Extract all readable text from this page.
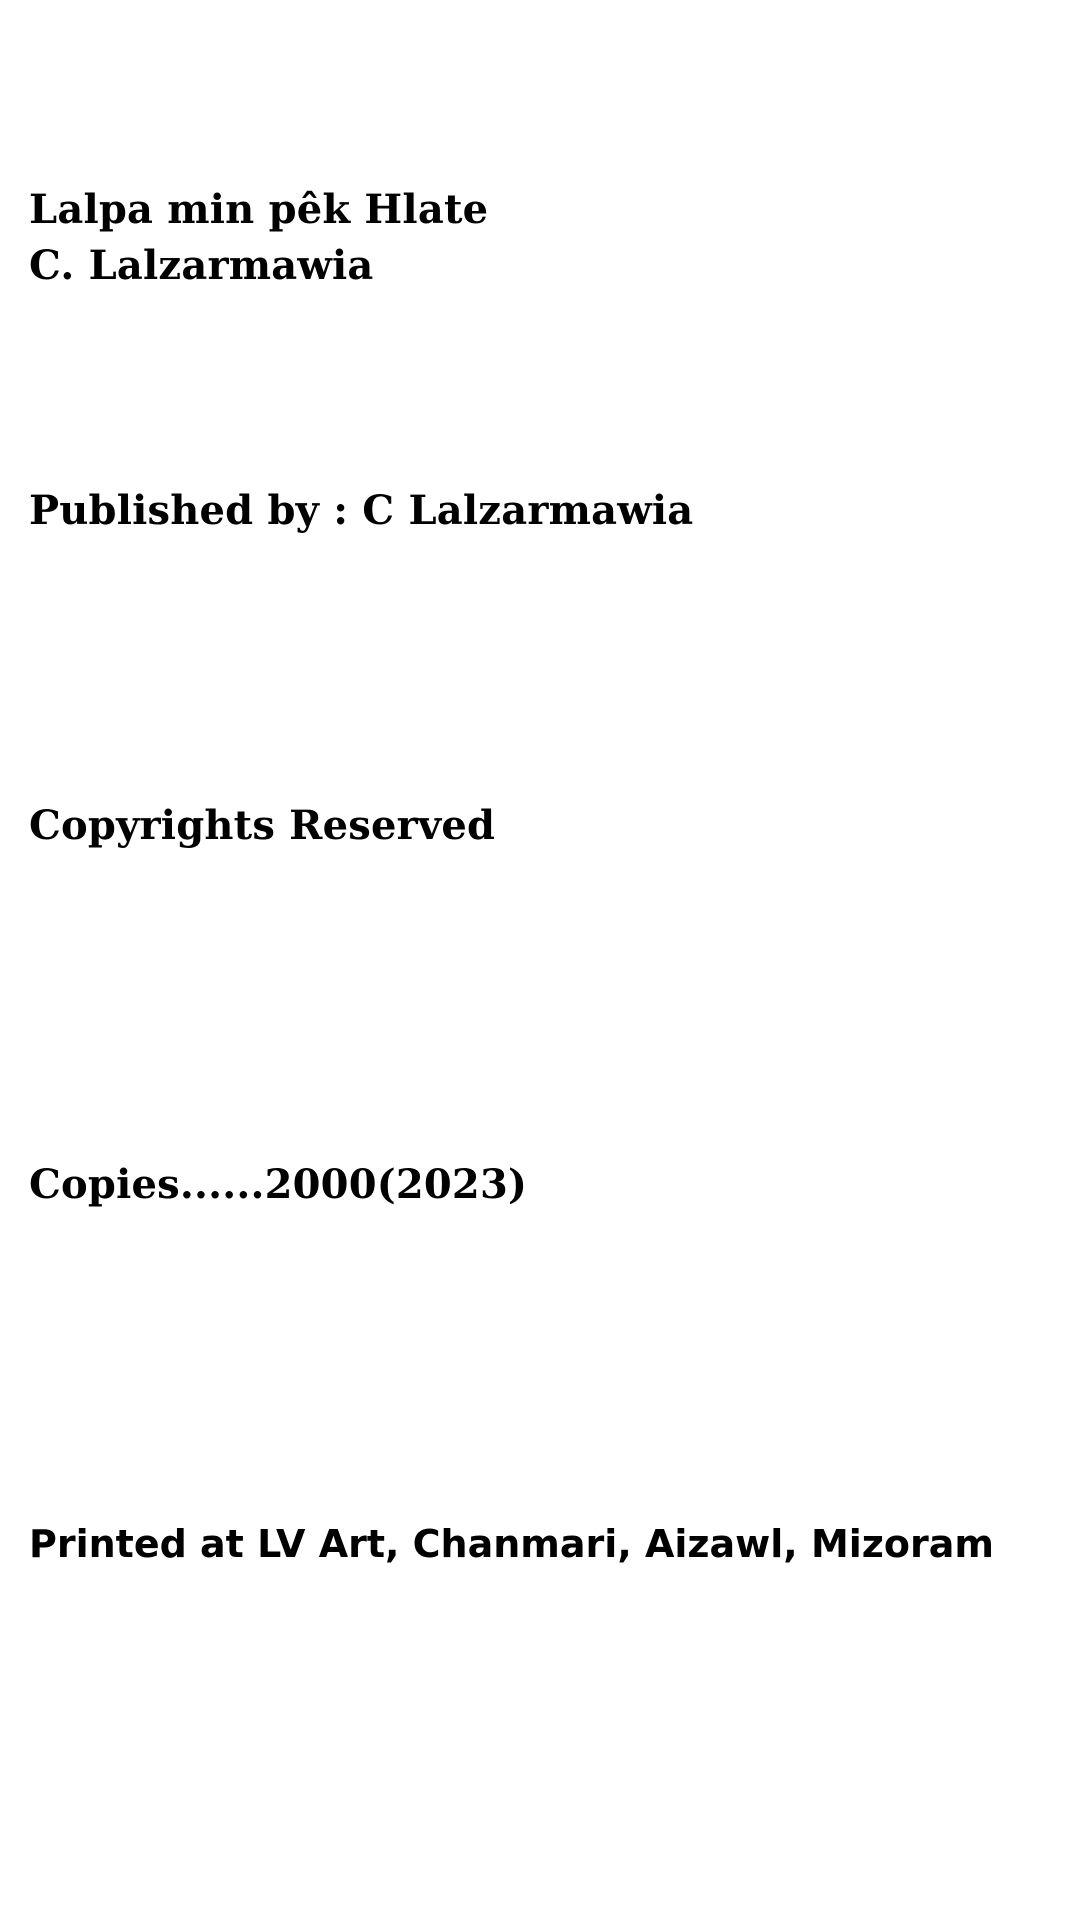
Lalpa min pêk Hlate
C. Lalzarmawia
Published by : C Lalzarmawia
Copyrights Reserved
Copies......2000(2023)
Printed at LV Art, Chanmari, Aizawl, Mizoram
